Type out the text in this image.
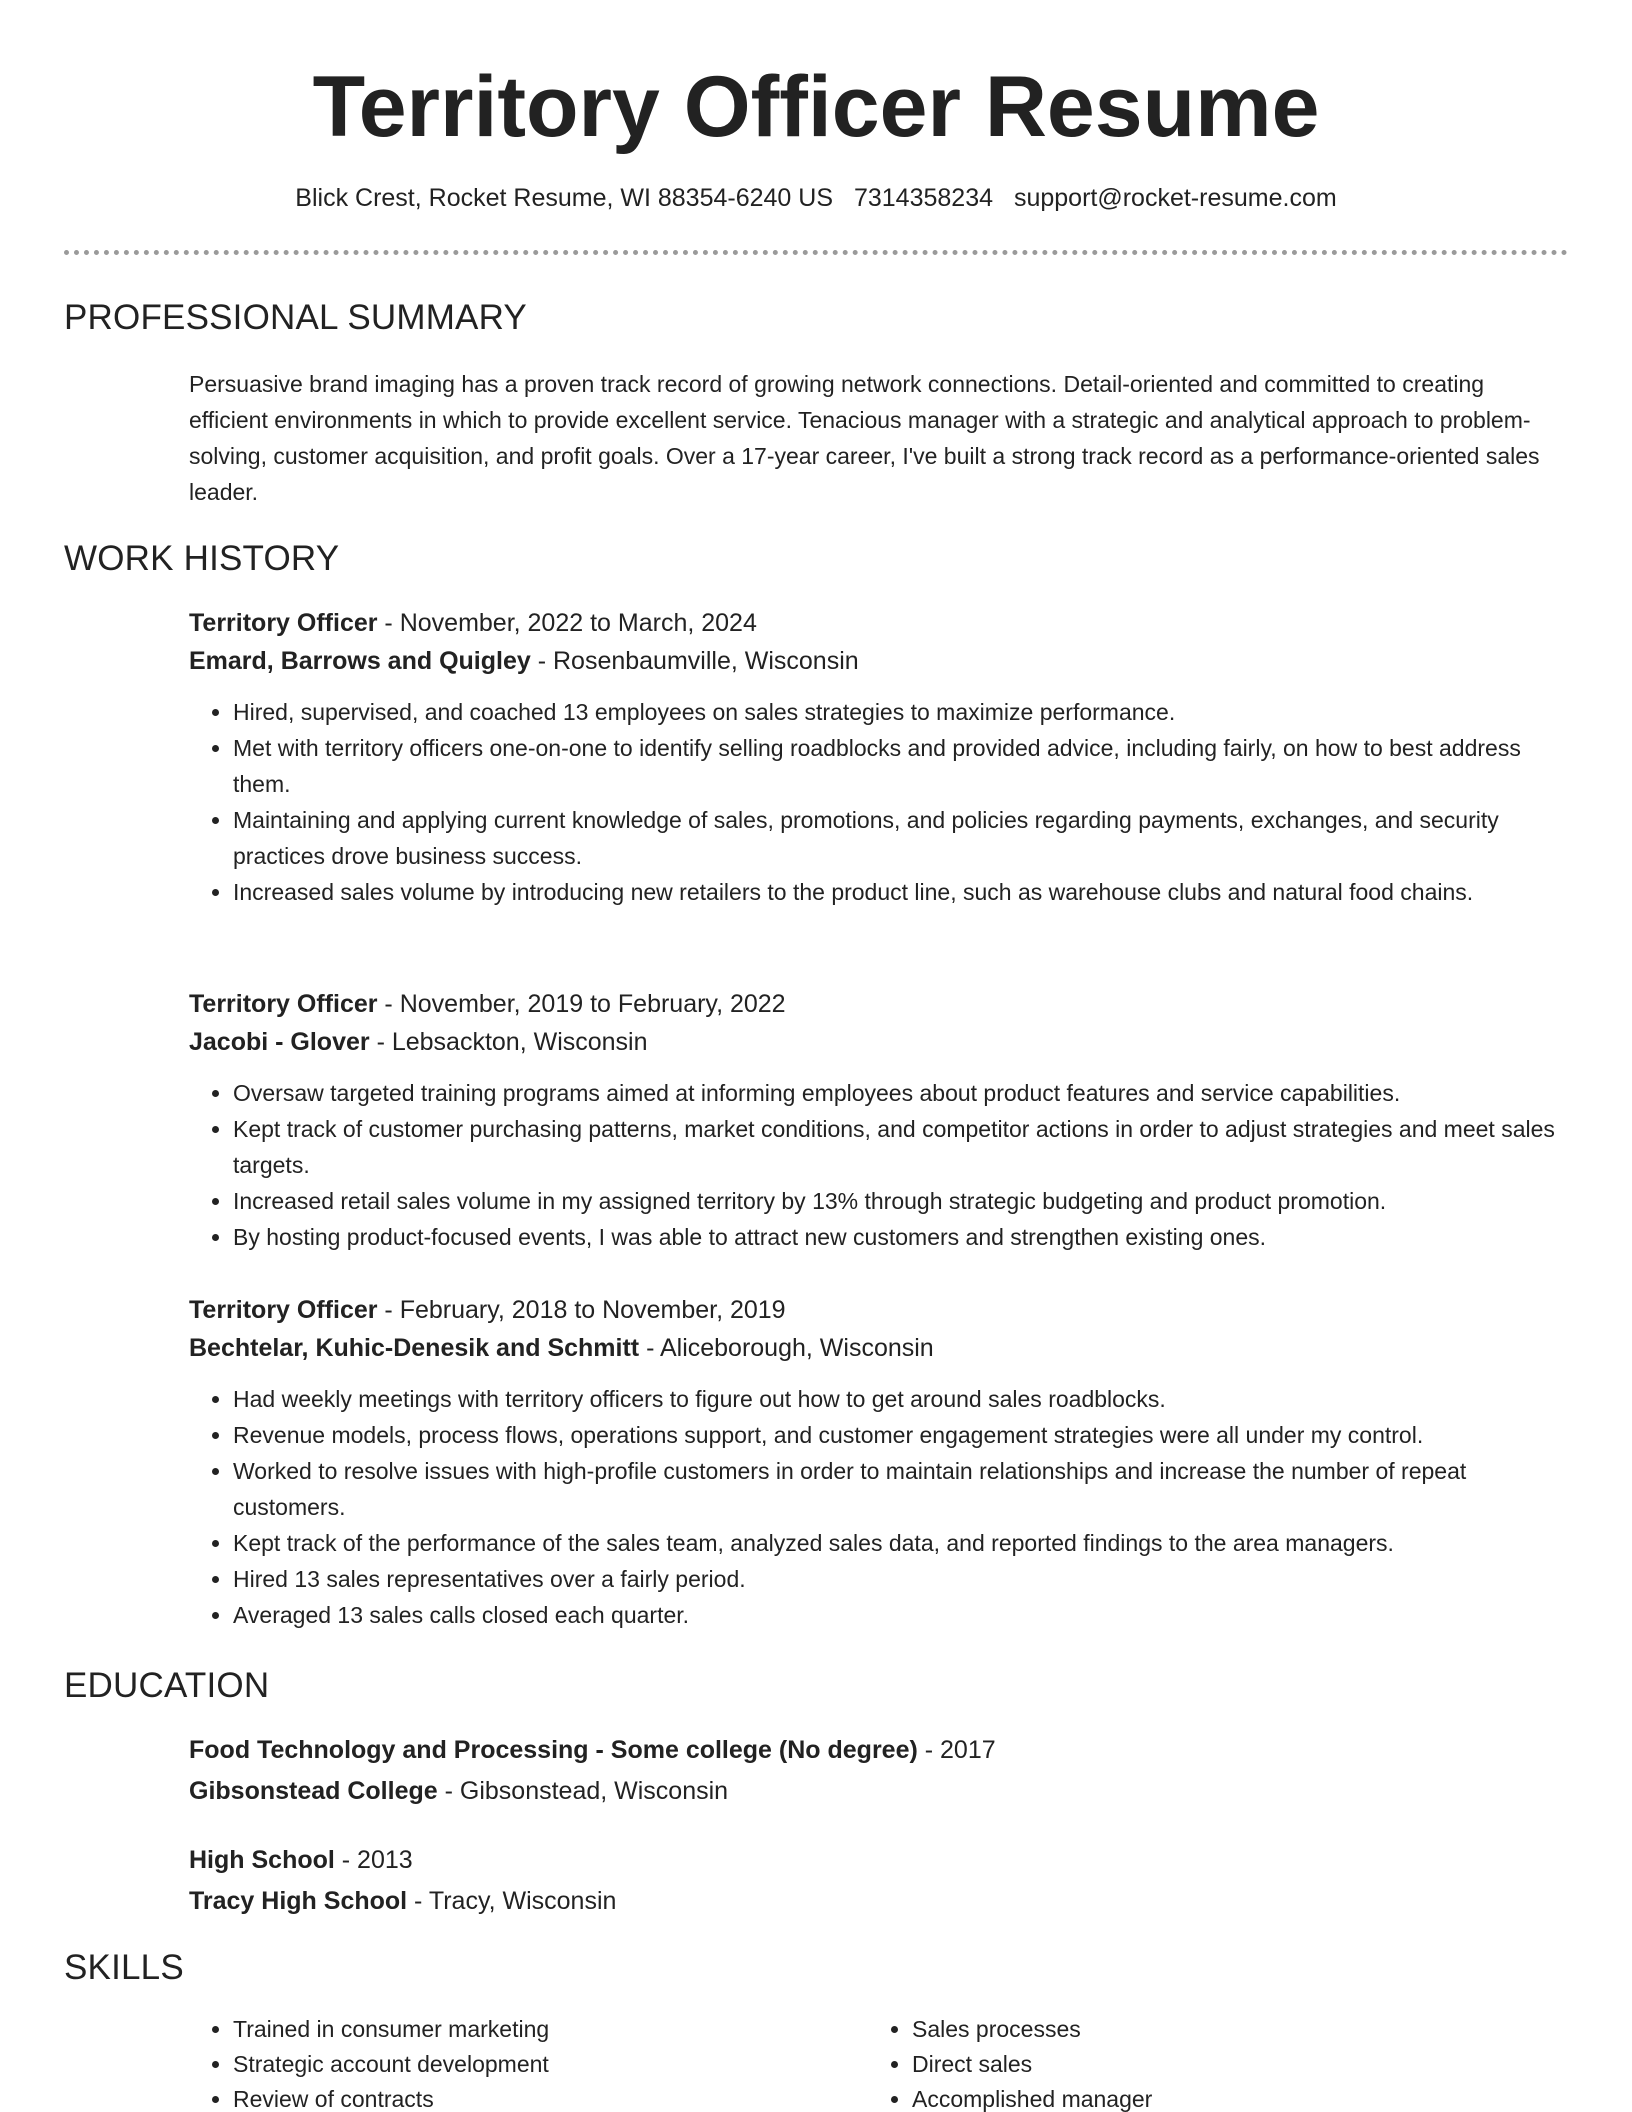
Territory Officer Resume
Blick Crest, Rocket Resume, WI 88354-6240 US 7314358234 support@rocket-resume.com
PROFESSIONAL SUMMARY

Persuasive brand imaging has a proven track record of growing network connections. Detail-oriented and committed to creating efficient environments in which to provide excellent service. Tenacious manager with a strategic and analytical approach to problem-solving, customer acquisition, and profit goals. Over a 17-year career, I've built a strong track record as a performance-oriented sales leader.

WORK HISTORY
Territory Officer - November, 2022 to March, 2024
Emard, Barrows and Quigley - Rosenbaumville, Wisconsin
• Hired, supervised, and coached 13 employees on sales strategies to maximize performance.
• Met with territory officers one-on-one to identify selling roadblocks and provided advice, including fairly, on how to best address them.
• Maintaining and applying current knowledge of sales, promotions, and policies regarding payments, exchanges, and security practices drove business success.
• Increased sales volume by introducing new retailers to the product line, such as warehouse clubs and natural food chains.
Territory Officer - November, 2019 to February, 2022
Jacobi - Glover - Lebsackton, Wisconsin
• Oversaw targeted training programs aimed at informing employees about product features and service capabilities.
• Kept track of customer purchasing patterns, market conditions, and competitor actions in order to adjust strategies and meet sales targets.
• Increased retail sales volume in my assigned territory by 13% through strategic budgeting and product promotion.
• By hosting product-focused events, I was able to attract new customers and strengthen existing ones.
Territory Officer - February, 2018 to November, 2019
Bechtelar, Kuhic-Denesik and Schmitt - Aliceborough, Wisconsin
• Had weekly meetings with territory officers to figure out how to get around sales roadblocks.
• Revenue models, process flows, operations support, and customer engagement strategies were all under my control.
• Worked to resolve issues with high-profile customers in order to maintain relationships and increase the number of repeat customers.
• Kept track of the performance of the sales team, analyzed sales data, and reported findings to the area managers.
• Hired 13 sales representatives over a fairly period.
• Averaged 13 sales calls closed each quarter.
EDUCATION
Food Technology and Processing - Some college (No degree) - 2017
Gibsonstead College - Gibsonstead, Wisconsin
High School - 2013
Tracy High School - Tracy, Wisconsin
SKILLS
• Trained in consumer marketing
• Strategic account development
• Review of contracts
• Sales processes
• Direct sales
• Accomplished manager
